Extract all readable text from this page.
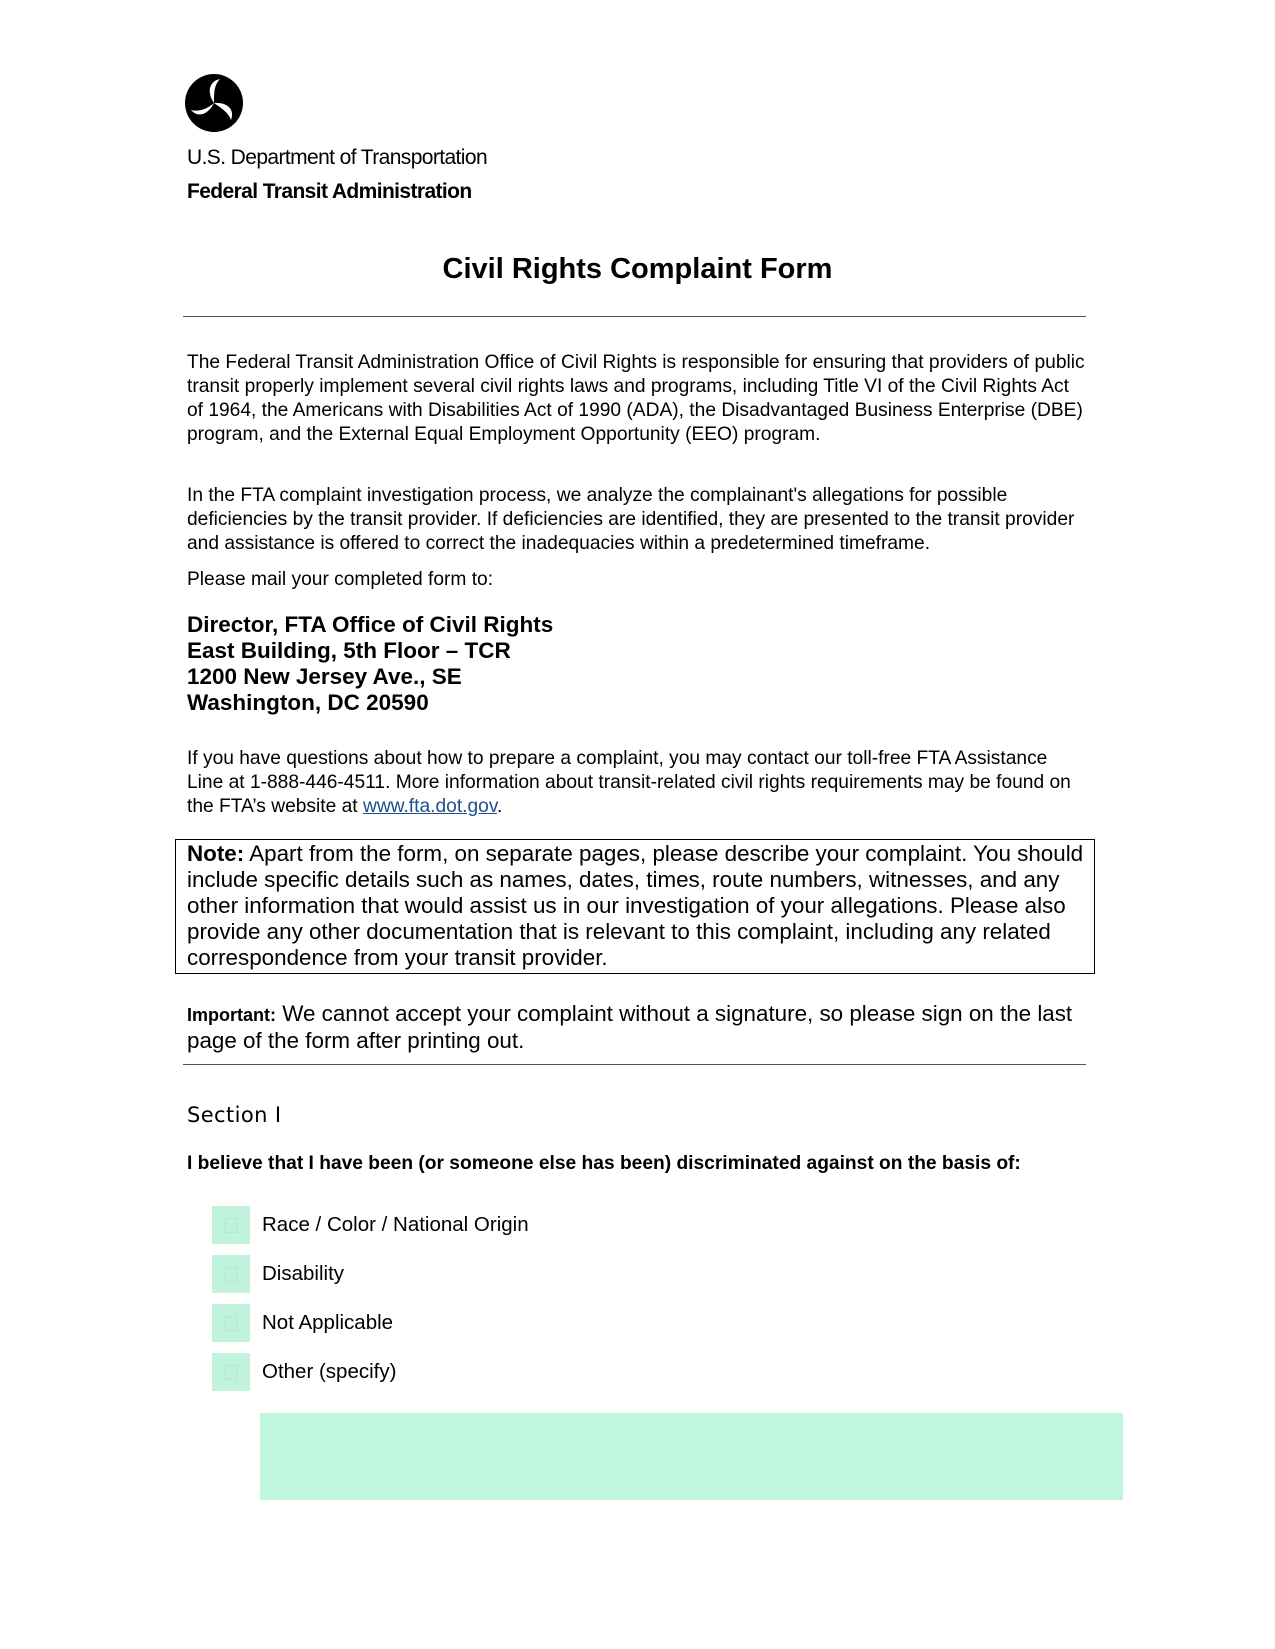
U.S. Department of Transportation
Federal Transit Administration
Civil Rights Complaint Form
The Federal Transit Administration Office of Civil Rights is responsible for ensuring that providers of public transit properly implement several civil rights laws and programs, including Title VI of the Civil Rights Act of 1964, the Americans with Disabilities Act of 1990 (ADA), the Disadvantaged Business Enterprise (DBE) program, and the External Equal Employment Opportunity (EEO) program.
In the FTA complaint investigation process, we analyze the complainant's allegations for possible deficiencies by the transit provider. If deficiencies are identified, they are presented to the transit provider and assistance is offered to correct the inadequacies within a predetermined timeframe.
Please mail your completed form to:
Director, FTA Office of Civil Rights
East Building, 5th Floor – TCR
1200 New Jersey Ave., SE
Washington, DC 20590
If you have questions about how to prepare a complaint, you may contact our toll-free FTA Assistance Line at 1-888-446-4511. More information about transit-related civil rights requirements may be found on the FTA’s website at www.fta.dot.gov.
Note: Apart from the form, on separate pages, please describe your complaint. You should include specific details such as names, dates, times, route numbers, witnesses, and any other information that would assist us in our investigation of your allegations. Please also provide any other documentation that is relevant to this complaint, including any related correspondence from your transit provider.
Important: We cannot accept your complaint without a signature, so please sign on the last page of the form after printing out.
Section I
I believe that I have been (or someone else has been) discriminated against on the basis of:
Race / Color / National Origin
Disability
Not Applicable
Other (specify)
